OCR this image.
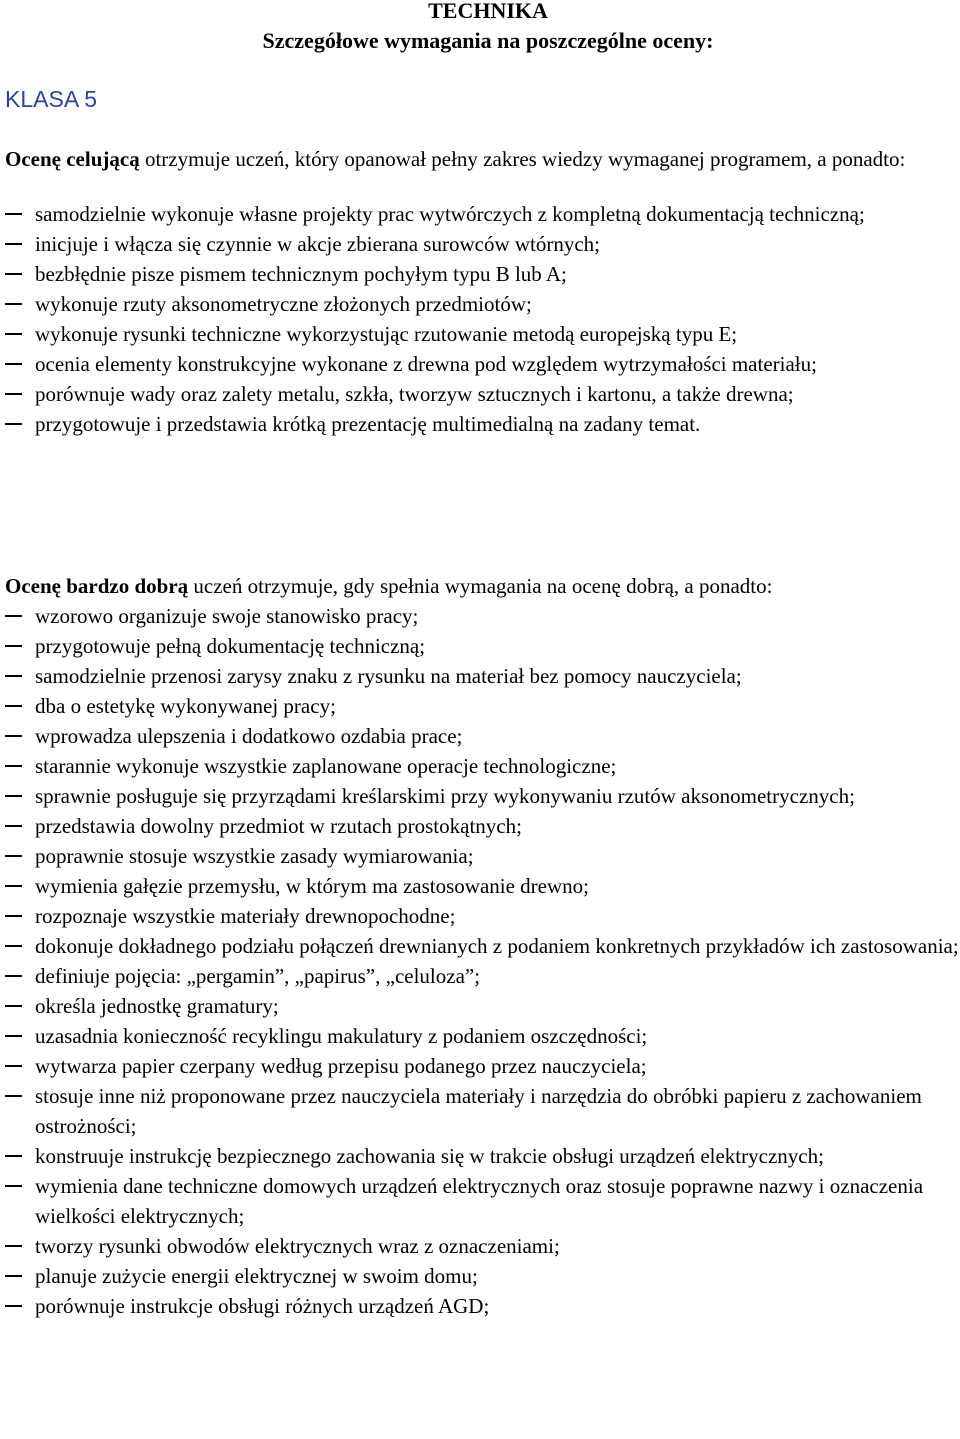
TECHNIKA
Szczegółowe wymagania na poszczególne oceny:
KLASA 5

Ocenę celującą otrzymuje uczeń, który opanował pełny zakres wiedzy wymaganej programem, a ponadto:

samodzielnie wykonuje własne projekty prac wytwórczych z kompletną dokumentacją techniczną;
inicjuje i włącza się czynnie w akcje zbierana surowców wtórnych;
bezbłędnie pisze pismem technicznym pochyłym typu B lub A;
wykonuje rzuty aksonometryczne złożonych przedmiotów;
wykonuje rysunki techniczne wykorzystując rzutowanie metodą europejską typu E;
ocenia elementy konstrukcyjne wykonane z drewna pod względem wytrzymałości materiału;
porównuje wady oraz zalety metalu, szkła, tworzyw sztucznych i kartonu, a także drewna;
przygotowuje i przedstawia krótką prezentację multimedialną na zadany temat.

Ocenę bardzo dobrą uczeń otrzymuje, gdy spełnia wymagania na ocenę dobrą, a ponadto:

wzorowo organizuje swoje stanowisko pracy;
przygotowuje pełną dokumentację techniczną;
samodzielnie przenosi zarysy znaku z rysunku na materiał bez pomocy nauczyciela;
dba o estetykę wykonywanej pracy;
wprowadza ulepszenia i dodatkowo ozdabia prace;
starannie wykonuje wszystkie zaplanowane operacje technologiczne;
sprawnie posługuje się przyrządami kreślarskimi przy wykonywaniu rzutów aksonometrycznych;
przedstawia dowolny przedmiot w rzutach prostokątnych;
poprawnie stosuje wszystkie zasady wymiarowania;
wymienia gałęzie przemysłu, w którym ma zastosowanie drewno;
rozpoznaje wszystkie materiały drewnopochodne;
dokonuje dokładnego podziału połączeń drewnianych z podaniem konkretnych przykładów ich zastosowania;
definiuje pojęcia: „pergamin”, „papirus”, „celuloza”;
określa jednostkę gramatury;
uzasadnia konieczność recyklingu makulatury z podaniem oszczędności;
wytwarza papier czerpany według przepisu podanego przez nauczyciela;
stosuje inne niż proponowane przez nauczyciela materiały i narzędzia do obróbki papieru z zachowaniem ostrożności;
konstruuje instrukcję bezpiecznego zachowania się w trakcie obsługi urządzeń elektrycznych;
wymienia dane techniczne domowych urządzeń elektrycznych oraz stosuje poprawne nazwy i oznaczenia wielkości elektrycznych;
tworzy rysunki obwodów elektrycznych wraz z oznaczeniami;
planuje zużycie energii elektrycznej w swoim domu;
porównuje instrukcje obsługi różnych urządzeń AGD;
